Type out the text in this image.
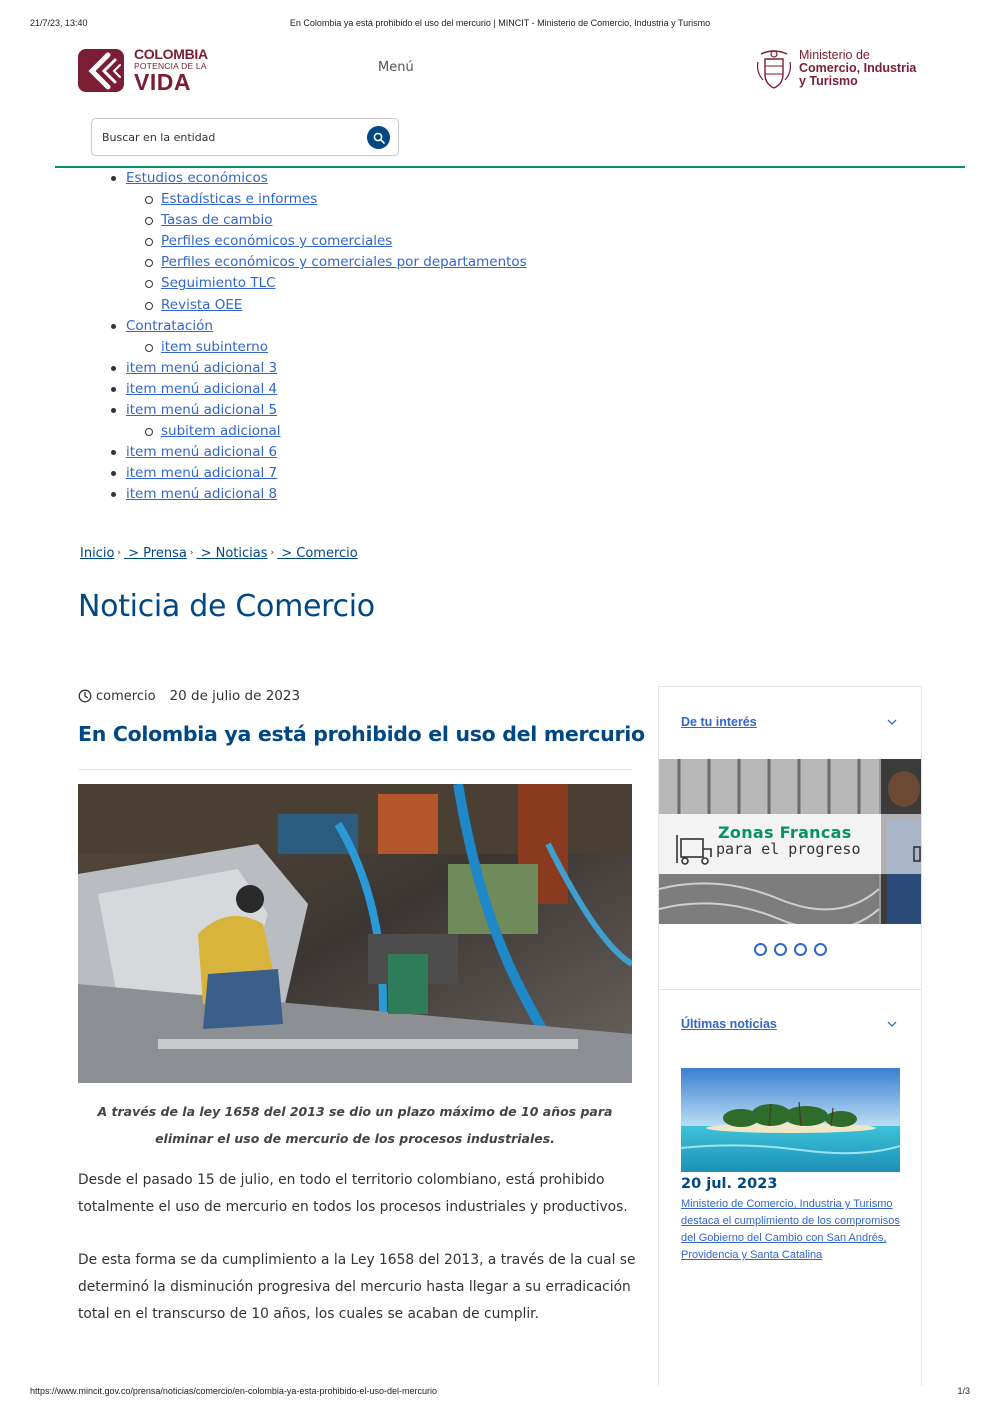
21/7/23, 13:40	En Colombia ya está prohibido el uso del mercurio | MINCIT - Ministerio de Comercio, Industria y Turismo
COLOMBIA
POTENCIA DE LA
VIDA
Menú
Ministerio de
Comercio, Industria
y Turismo
Buscar en la entidad
Estudios económicos
Estadísticas e informes
Tasas de cambio
Perfiles económicos y comerciales
Perfiles económicos y comerciales por departamentos
Seguimiento TLC
Revista OEE
Contratación
item subinterno
item menú adicional 3
item menú adicional 4
item menú adicional 5
subitem adicional
item menú adicional 6
item menú adicional 7
item menú adicional 8
Inicio › > Prensa › > Noticias › > Comercio
Noticia de Comercio
comercio 20 de julio de 2023
En Colombia ya está prohibido el uso del mercurio

A través de la ley 1658 del 2013 se dio un plazo máximo de 10 años para eliminar el uso de mercurio de los procesos industriales.

Desde el pasado 15 de julio, en todo el territorio colombiano, está prohibido totalmente el uso de mercurio en todos los procesos industriales y productivos.

De esta forma se da cumplimiento a la Ley 1658 del 2013, a través de la cual se determinó la disminución progresiva del mercurio hasta llegar a su erradicación total en el transcurso de 10 años, los cuales se acaban de cumplir.

De tu interés
Zonas Francas
para el progreso
Últimas noticias
20 jul. 2023
Ministerio de Comercio, Industria y Turismo destaca el cumplimiento de los compromisos del Gobierno del Cambio con San Andrés, Providencia y Santa Catalina
https://www.mincit.gov.co/prensa/noticias/comercio/en-colombia-ya-esta-prohibido-el-uso-del-mercurio	1/3
